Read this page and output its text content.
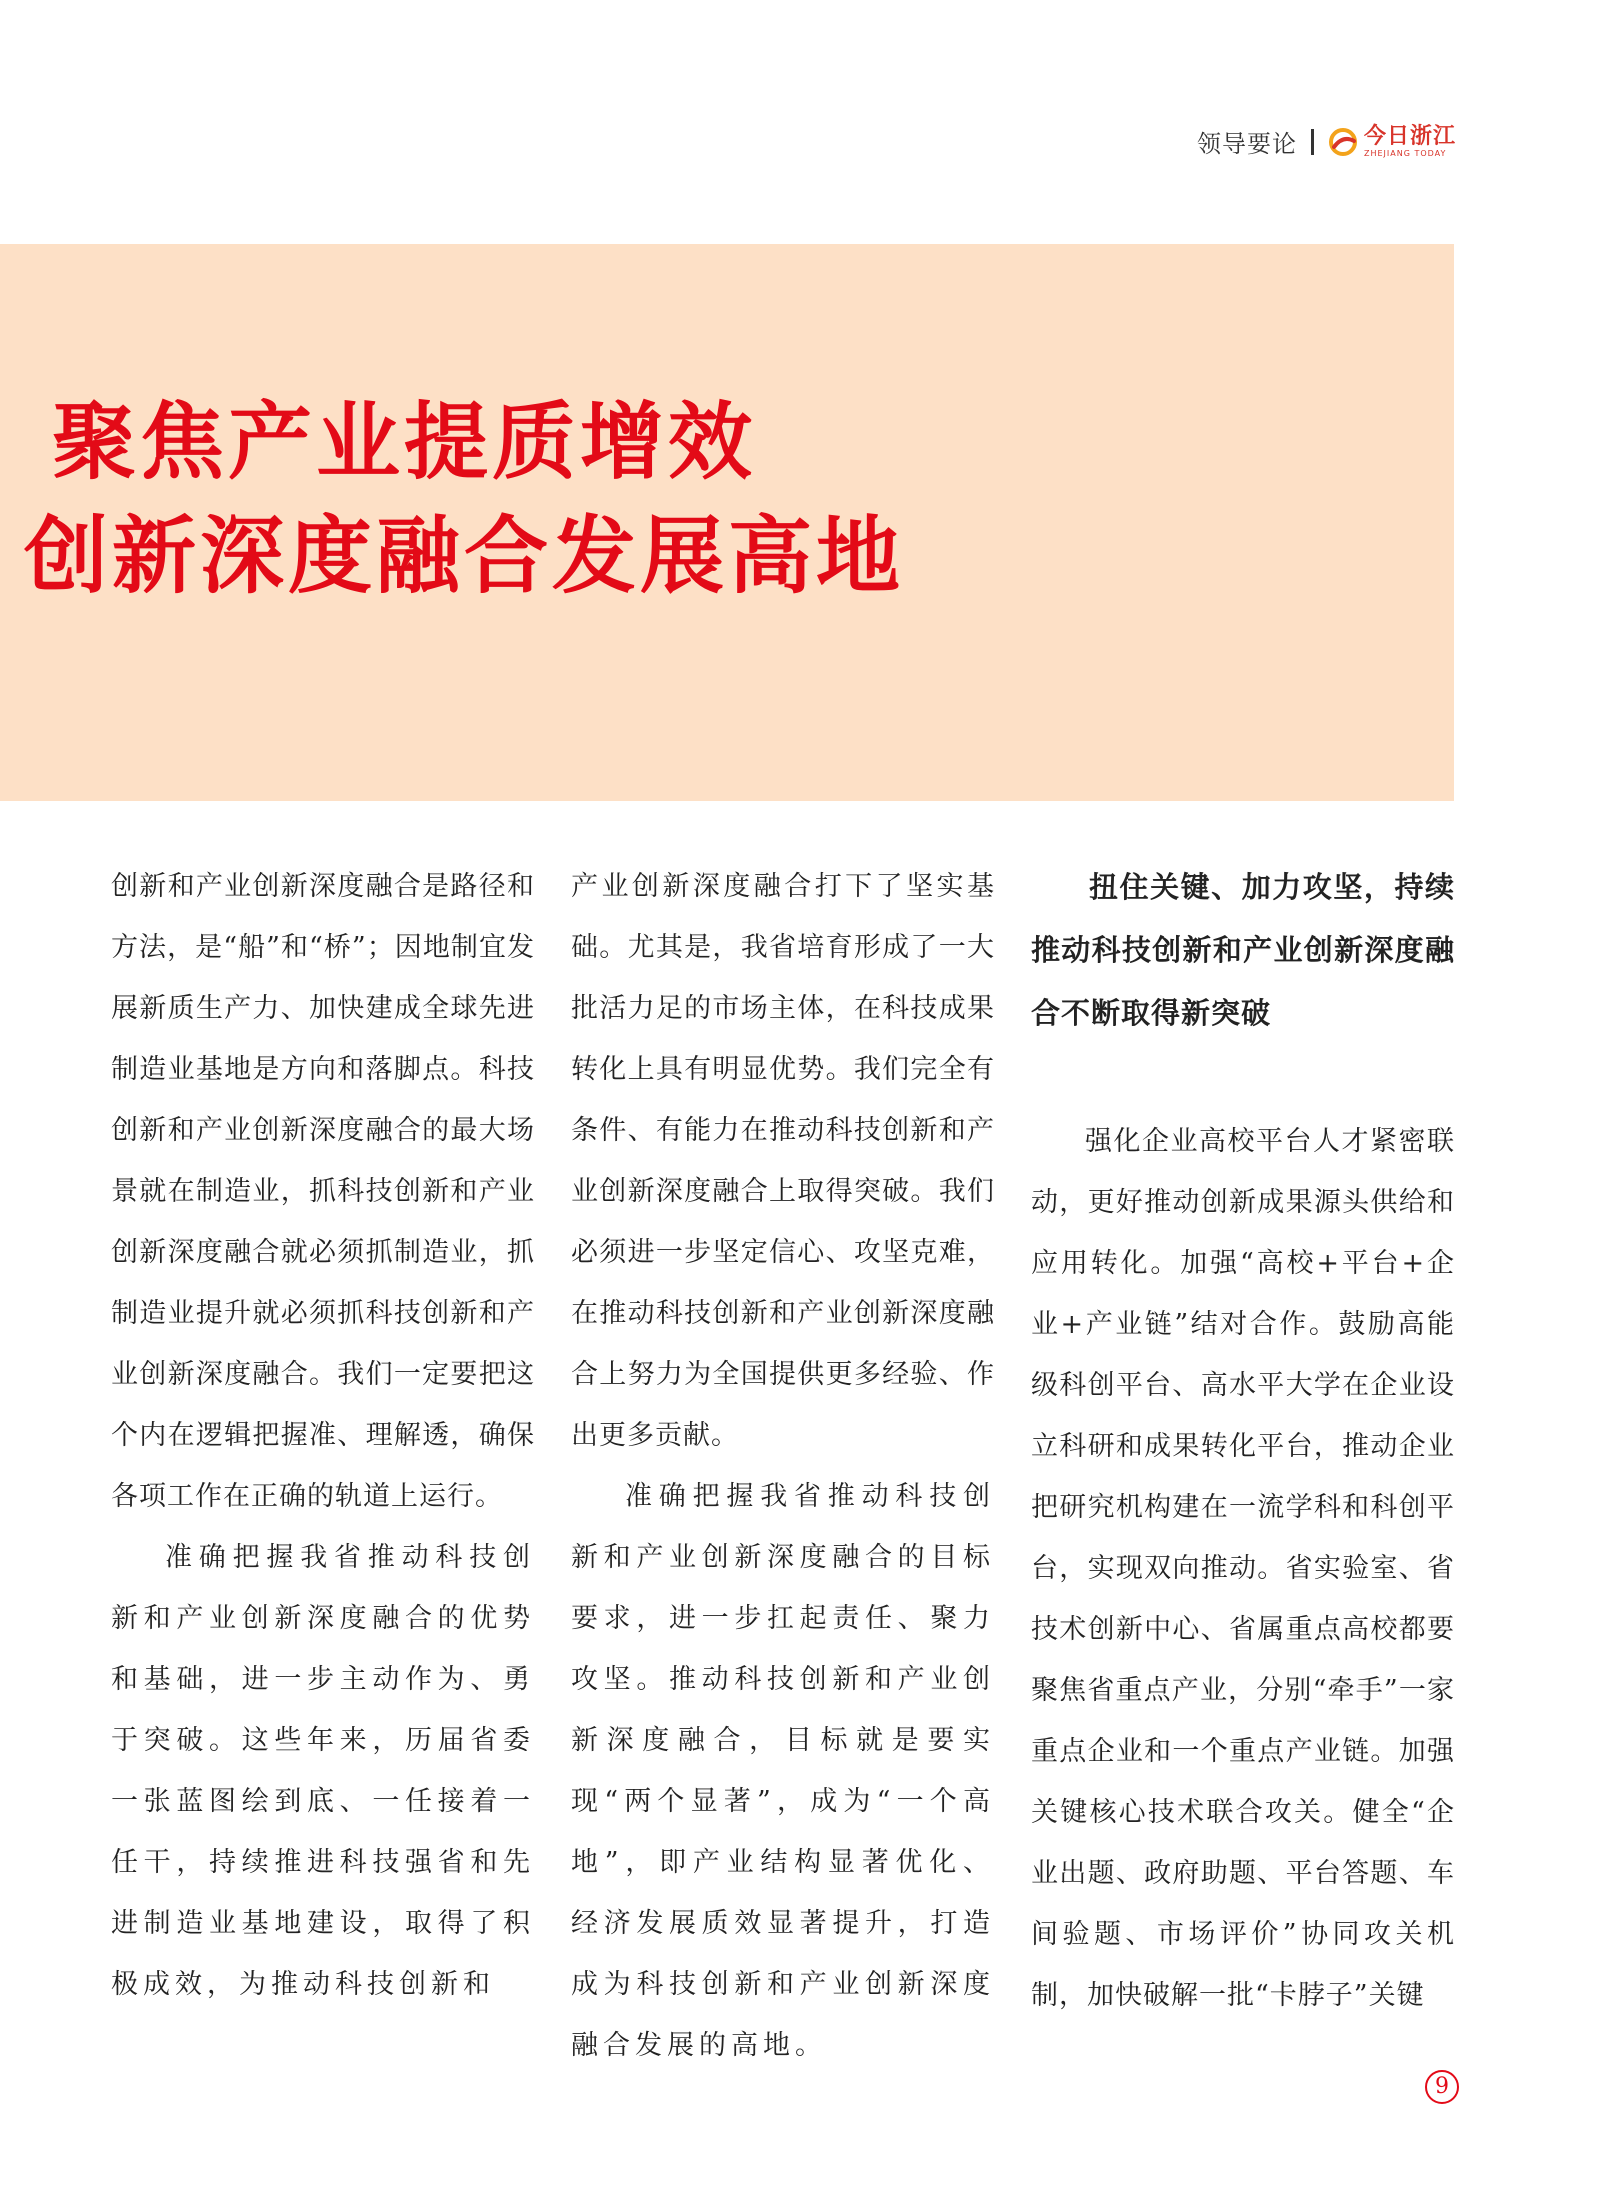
领导要论	今日浙江
ZHEJIANG TODAY
聚焦产业提质增效
创新深度融合发展高地

创新和产业创新深度融合是路径和方法，是“船”和“桥”；因地制宜发展新质生产力、加快建成全球先进制造业基地是方向和落脚点。科技创新和产业创新深度融合的最大场景就在制造业，抓科技创新和产业创新深度融合就必须抓制造业，抓制造业提升就必须抓科技创新和产业创新深度融合。我们一定要把这个内在逻辑把握准、理解透，确保各项工作在正确的轨道上运行。

准确把握我省推动科技创新和产业创新深度融合的优势和基础，进一步主动作为、勇于突破。这些年来，历届省委一张蓝图绘到底、一任接着一任干，持续推进科技强省和先进制造业基地建设，取得了积极成效，为推动科技创新和

产业创新深度融合打下了坚实基础。尤其是，我省培育形成了一大批活力足的市场主体，在科技成果转化上具有明显优势。我们完全有条件、有能力在推动科技创新和产业创新深度融合上取得突破。我们必须进一步坚定信心、攻坚克难，在推动科技创新和产业创新深度融合上努力为全国提供更多经验、作出更多贡献。

准确把握我省推动科技创新和产业创新深度融合的目标要求，进一步扛起责任、聚力攻坚。推动科技创新和产业创新深度融合，目标就是要实现“两个显著”，成为“一个高地”，即产业结构显著优化、经济发展质效显著提升，打造成为科技创新和产业创新深度融合发展的高地。

扭住关键、加力攻坚，持续推动科技创新和产业创新深度融合不断取得新突破

强化企业高校平台人才紧密联动，更好推动创新成果源头供给和应用转化。加强“高校+平台+企业+产业链”结对合作。鼓励高能级科创平台、高水平大学在企业设立科研和成果转化平台，推动企业把研究机构建在一流学科和科创平台，实现双向推动。省实验室、省技术创新中心、省属重点高校都要聚焦省重点产业，分别“牵手”一家重点企业和一个重点产业链。加强关键核心技术联合攻关。健全“企业出题、政府助题、平台答题、车间验题、市场评价”协同攻关机制，加快破解一批“卡脖子”关键

9
